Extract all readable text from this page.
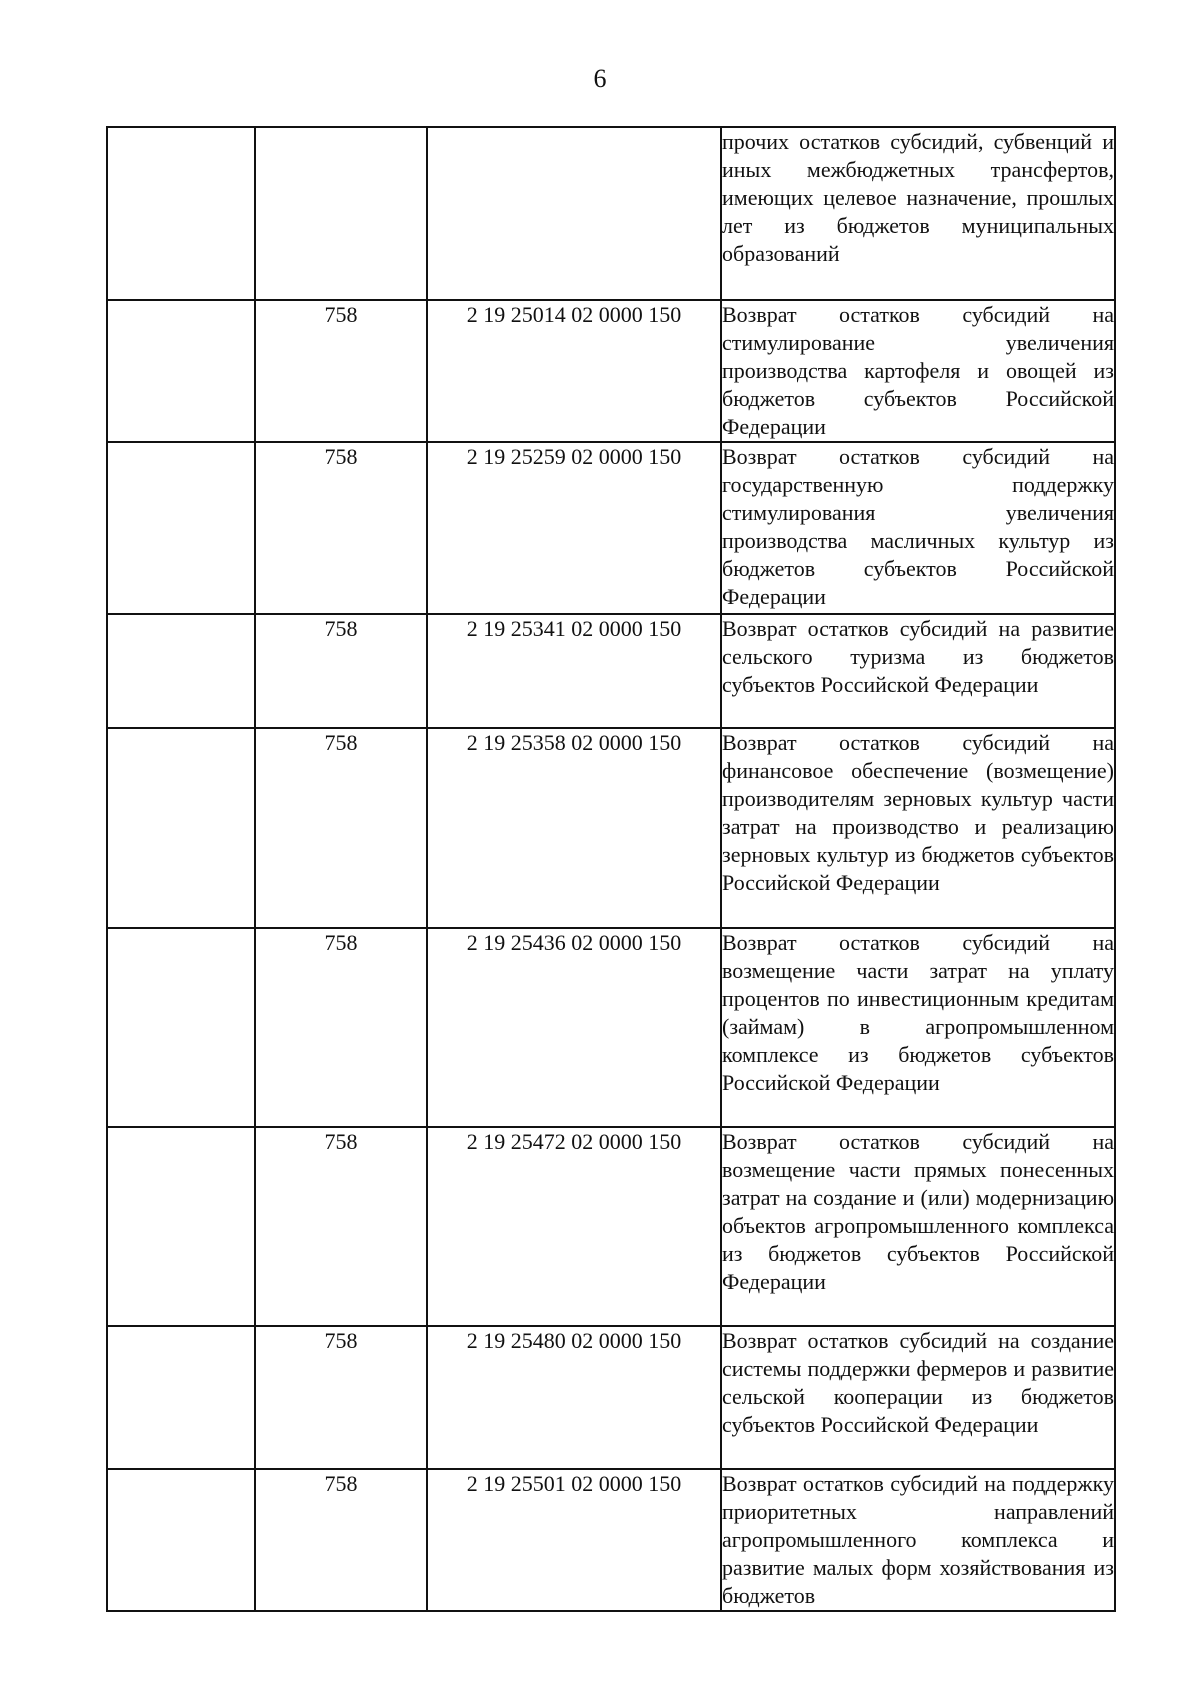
6
			прочих остатков субсидий, субвенций и иных межбюджетных трансфертов, имеющих целевое назначение, прошлых лет из бюджетов муниципальных образований
	758	2 19 25014 02 0000 150	Возврат остатков субсидий на стимулирование увеличения производства картофеля и овощей из бюджетов субъектов Российской Федерации
	758	2 19 25259 02 0000 150	Возврат остатков субсидий на государственную поддержку стимулирования увеличения производства масличных культур из бюджетов субъектов Российской Федерации
	758	2 19 25341 02 0000 150	Возврат остатков субсидий на развитие сельского туризма из бюджетов субъектов Российской Федерации
	758	2 19 25358 02 0000 150	Возврат остатков субсидий на финансовое обеспечение (возмещение) производителям зерновых культур части затрат на производство и реализацию зерновых культур из бюджетов субъектов Российской Федерации
	758	2 19 25436 02 0000 150	Возврат остатков субсидий на возмещение части затрат на уплату процентов по инвестиционным кредитам (займам) в агропромышленном комплексе из бюджетов субъектов Российской Федерации
	758	2 19 25472 02 0000 150	Возврат остатков субсидий на возмещение части прямых понесенных затрат на создание и (или) модернизацию объектов агропромышленного комплекса из бюджетов субъектов Российской Федерации
	758	2 19 25480 02 0000 150	Возврат остатков субсидий на создание системы поддержки фермеров и развитие сельской кооперации из бюджетов субъектов Российской Федерации
	758	2 19 25501 02 0000 150	Возврат остатков субсидий на поддержку приоритетных направлений агропромышленного комплекса и развитие малых форм хозяйствования из бюджетов
